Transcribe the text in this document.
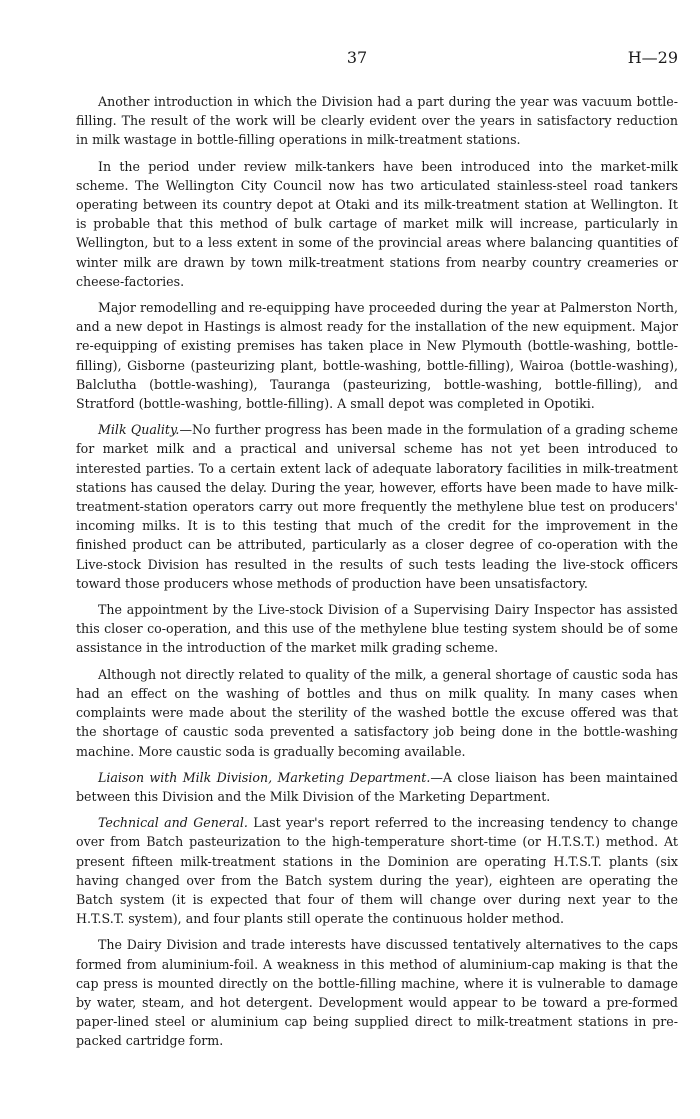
37	H—29

Another introduction in which the Division had a part during the year was vacuum bottle-filling. The result of the work will be clearly evident over the years in satisfactory reduction in milk wastage in bottle-filling operations in milk-treatment stations.

In the period under review milk-tankers have been introduced into the market-milk scheme. The Wellington City Council now has two articulated stainless-steel road tankers operating between its country depot at Otaki and its milk-treatment station at Wellington. It is probable that this method of bulk cartage of market milk will increase, particularly in Wellington, but to a less extent in some of the provincial areas where balancing quantities of winter milk are drawn by town milk-treatment stations from nearby country creameries or cheese-factories.

Major remodelling and re-equipping have proceeded during the year at Palmerston North, and a new depot in Hastings is almost ready for the installation of the new equipment. Major re-equipping of existing premises has taken place in New Plymouth (bottle-washing, bottle-filling), Gisborne (pasteurizing plant, bottle-washing, bottle-filling), Wairoa (bottle-washing), Balclutha (bottle-washing), Tauranga (pasteurizing, bottle-washing, bottle-filling), and Stratford (bottle-washing, bottle-filling). A small depot was completed in Opotiki.

Milk Quality.—No further progress has been made in the formulation of a grading scheme for market milk and a practical and universal scheme has not yet been introduced to interested parties. To a certain extent lack of adequate laboratory facilities in milk-treatment stations has caused the delay. During the year, however, efforts have been made to have milk-treatment-station operators carry out more frequently the methylene blue test on producers' incoming milks. It is to this testing that much of the credit for the improvement in the finished product can be attributed, particularly as a closer degree of co-operation with the Live-stock Division has resulted in the results of such tests leading the live-stock officers toward those producers whose methods of production have been unsatisfactory.

The appointment by the Live-stock Division of a Supervising Dairy Inspector has assisted this closer co-operation, and this use of the methylene blue testing system should be of some assistance in the introduction of the market milk grading scheme.

Although not directly related to quality of the milk, a general shortage of caustic soda has had an effect on the washing of bottles and thus on milk quality. In many cases when complaints were made about the sterility of the washed bottle the excuse offered was that the shortage of caustic soda prevented a satisfactory job being done in the bottle-washing machine. More caustic soda is gradually becoming available.

Liaison with Milk Division, Marketing Department.—A close liaison has been maintained between this Division and the Milk Division of the Marketing Department.

Technical and General. Last year's report referred to the increasing tendency to change over from Batch pasteurization to the high-temperature short-time (or H.T.S.T.) method. At present fifteen milk-treatment stations in the Dominion are operating H.T.S.T. plants (six having changed over from the Batch system during the year), eighteen are operating the Batch system (it is expected that four of them will change over during next year to the H.T.S.T. system), and four plants still operate the continuous holder method.

The Dairy Division and trade interests have discussed tentatively alternatives to the caps formed from aluminium-foil. A weakness in this method of aluminium-cap making is that the cap press is mounted directly on the bottle-filling machine, where it is vulnerable to damage by water, steam, and hot detergent. Development would appear to be toward a pre-formed paper-lined steel or aluminium cap being supplied direct to milk-treatment stations in pre-packed cartridge form.
